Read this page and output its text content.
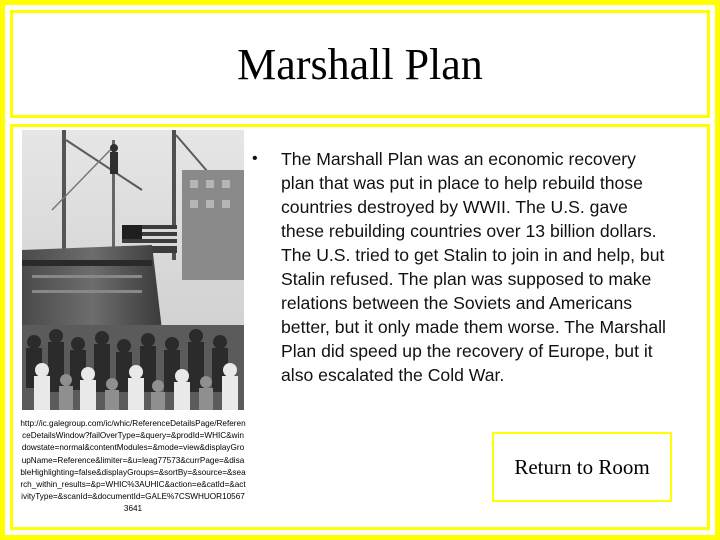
Marshall Plan
http://ic.galegroup.com/ic/whic/ReferenceDetailsPage/ReferenceDetailsWindow?failOverType=&query=&prodId=WHIC&windowstate=normal&contentModules=&mode=view&displayGroupName=Reference&limiter=&u=leag77573&currPage=&disableHighlighting=false&displayGroups=&sortBy=&source=&search_within_results=&p=WHIC%3AUHIC&action=e&catId=&activityType=&scanId=&documentId=GALE%7CSWHUOR105673641
• The Marshall Plan was an economic recovery plan that was put in place to help rebuild those countries destroyed by WWII. The U.S. gave these rebuilding countries over 13 billion dollars. The U.S. tried to get Stalin to join in and help, but Stalin refused. The plan was supposed to make relations between the Soviets and Americans better, but it only made them worse. The Marshall Plan did speed up the recovery of Europe, but it also escalated the Cold War.
Return to Room
